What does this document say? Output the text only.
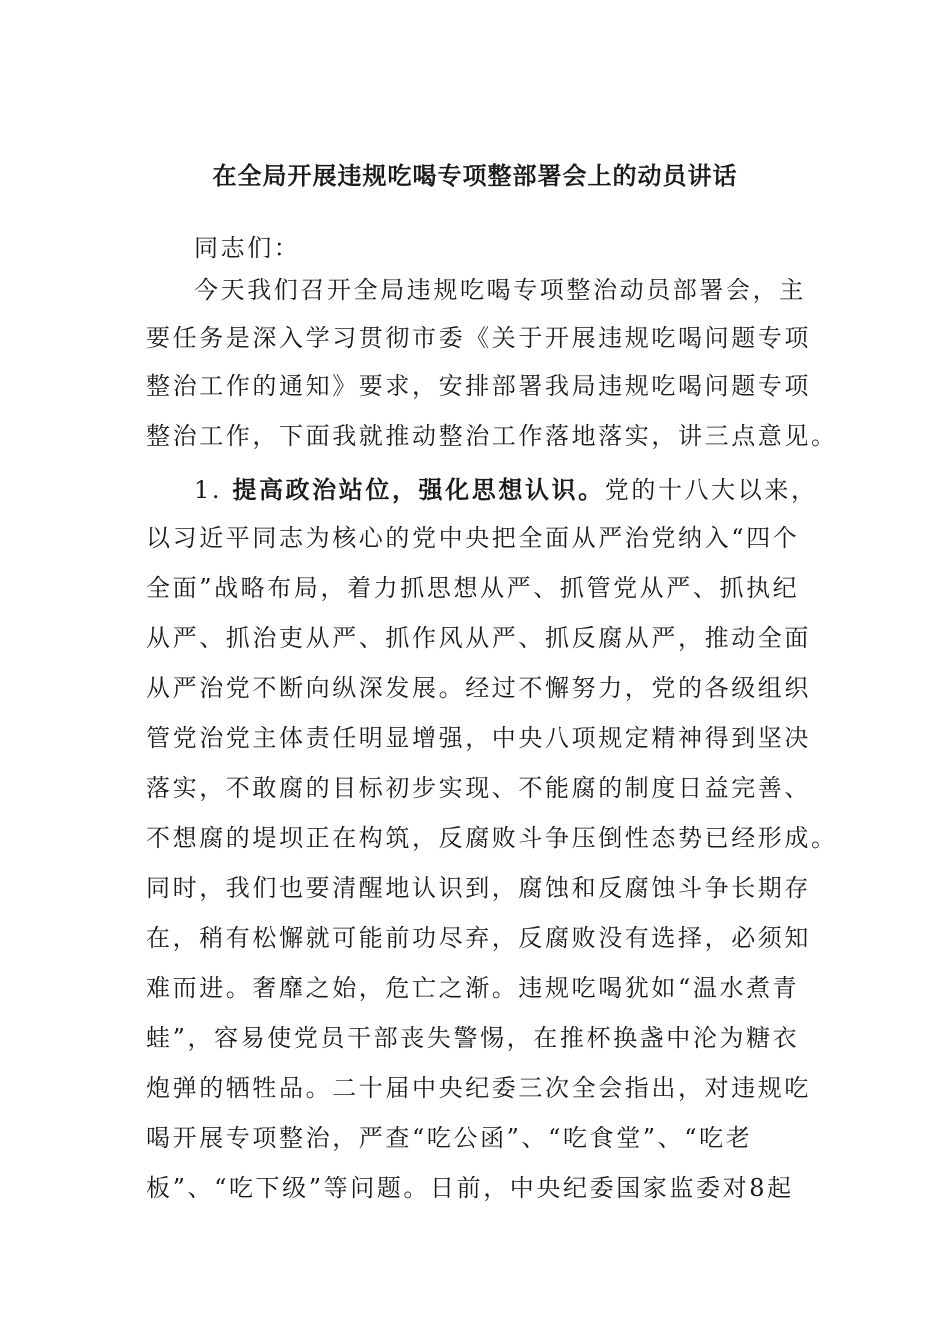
在全局开展违规吃喝专项整部署会上的动员讲话
同志们：
今天我们召开全局违规吃喝专项整治动员部署会，主
要任务是深入学习贯彻市委《关于开展违规吃喝问题专项
整治工作的通知》要求，安排部署我局违规吃喝问题专项
整治工作，下面我就推动整治工作落地落实，讲三点意见。
1. 提高政治站位，强化思想认识。党的十八大以来，
以习近平同志为核心的党中央把全面从严治党纳入“四个
全面”战略布局，着力抓思想从严、抓管党从严、抓执纪
从严、抓治吏从严、抓作风从严、抓反腐从严，推动全面
从严治党不断向纵深发展。经过不懈努力，党的各级组织
管党治党主体责任明显增强，中央八项规定精神得到坚决
落实，不敢腐的目标初步实现、不能腐的制度日益完善、
不想腐的堤坝正在构筑，反腐败斗争压倒性态势已经形成。
同时，我们也要清醒地认识到，腐蚀和反腐蚀斗争长期存
在，稍有松懈就可能前功尽弃，反腐败没有选择，必须知
难而进。奢靡之始，危亡之渐。违规吃喝犹如“温水煮青
蛙”，容易使党员干部丧失警惕，在推杯换盏中沦为糖衣
炮弹的牺牲品。二十届中央纪委三次全会指出，对违规吃
喝开展专项整治，严查“吃公函”、“吃食堂”、“吃老
板”、“吃下级”等问题。日前，中央纪委国家监委对8起
